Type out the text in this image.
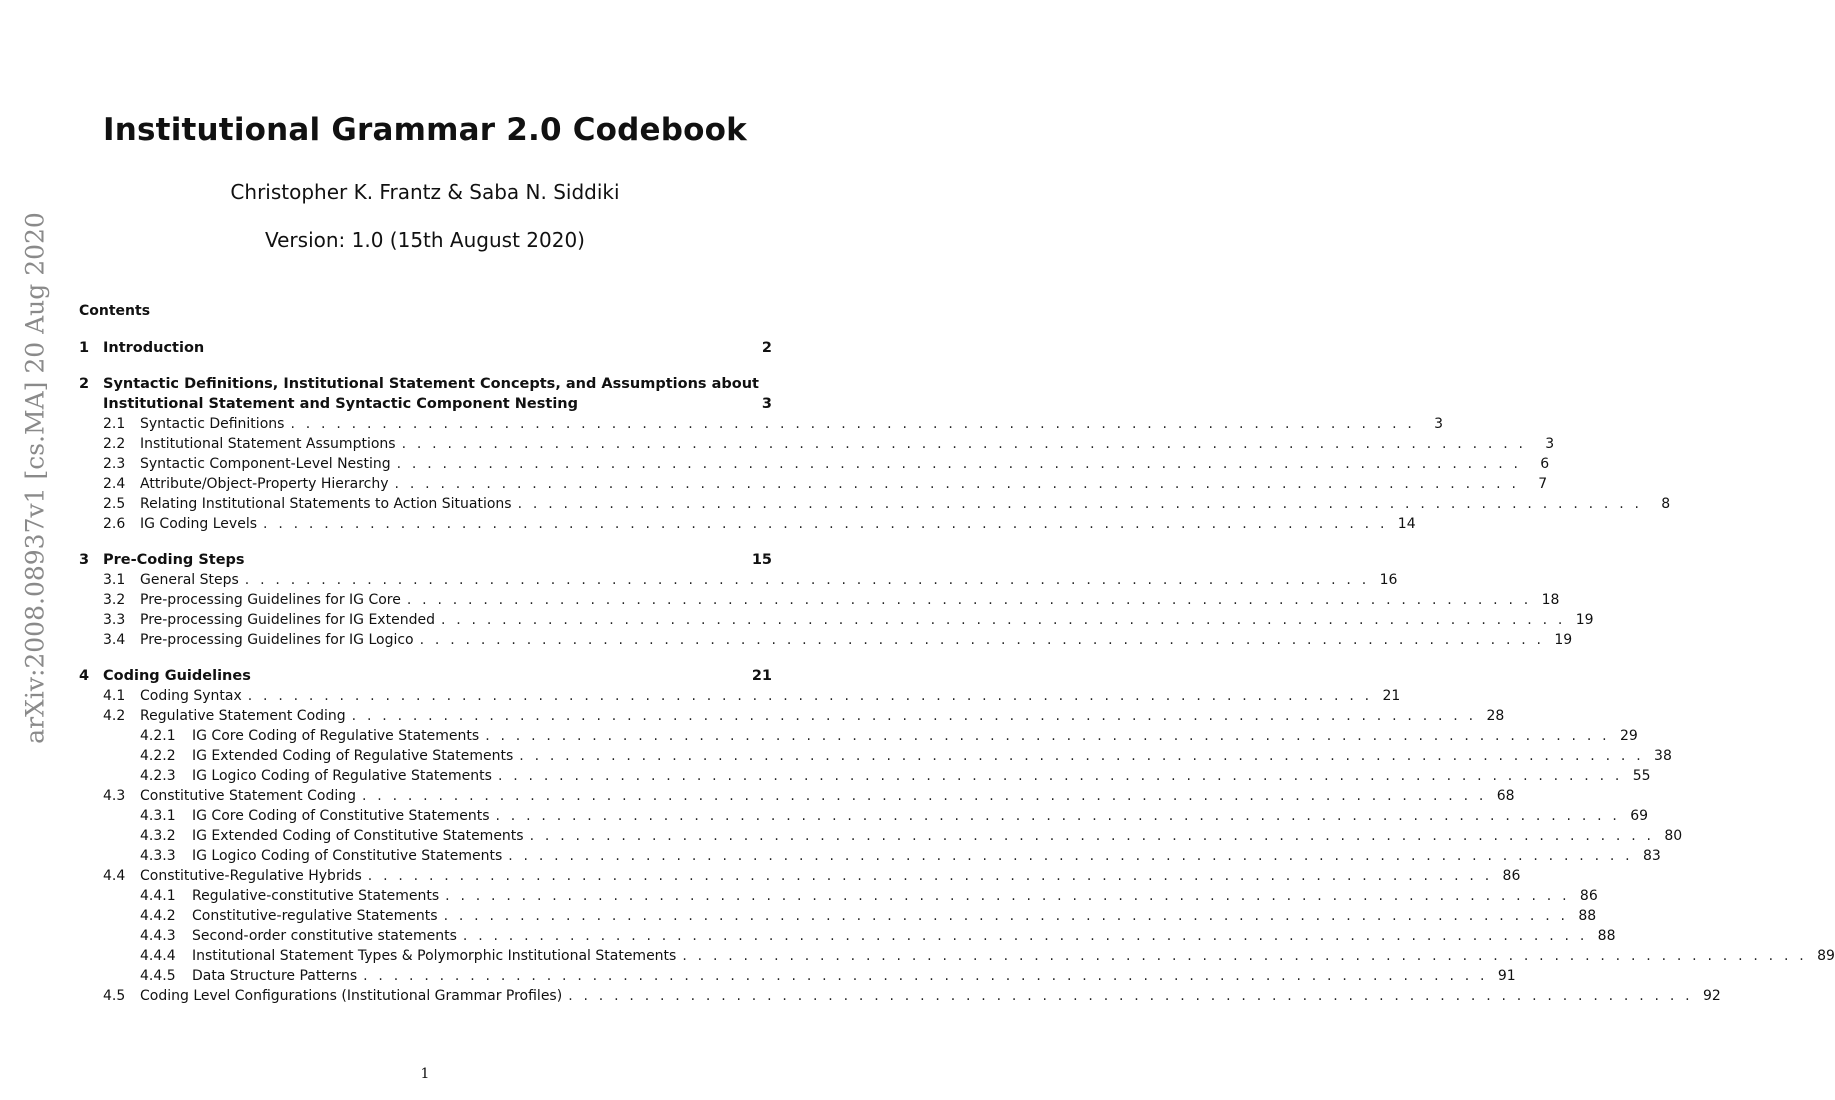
Institutional Grammar 2.0 Codebook
Christopher K. Frantz & Saba N. Siddiki
Version: 1.0 (15th August 2020)
arXiv:2008.08937v1 [cs.MA] 20 Aug 2020 Contents
1 Introduction	2
2 Syntactic Definitions, Institutional Statement Concepts, and Assumptions about
Institutional Statement and Syntactic Component Nesting	3
2.1	Syntactic Definitions . . . . . . . . . . . . . . . . . . . . . . . . . . . . . . . . . . . . . . . . . . . . . . . . . . . . . . . . . . . . . . . . . . . . . . . . . .	3
2.2	Institutional Statement Assumptions . . . . . . . . . . . . . . . . . . . . . . . . . . . . . . . . . . . . . . . . . . . . . . . . . . . . . . . . . . . . . . . . . . . . . . . . . .	3
2.3	Syntactic Component-Level Nesting . . . . . . . . . . . . . . . . . . . . . . . . . . . . . . . . . . . . . . . . . . . . . . . . . . . . . . . . . . . . . . . . . . . . . . . . . .	6
2.4	Attribute/Object-Property Hierarchy . . . . . . . . . . . . . . . . . . . . . . . . . . . . . . . . . . . . . . . . . . . . . . . . . . . . . . . . . . . . . . . . . . . . . . . . . .	7
2.5	Relating Institutional Statements to Action Situations . . . . . . . . . . . . . . . . . . . . . . . . . . . . . . . . . . . . . . . . . . . . . . . . . . . . . . . . . . . . . . . . . . . . . . . . . .	8
2.6	IG Coding Levels . . . . . . . . . . . . . . . . . . . . . . . . . . . . . . . . . . . . . . . . . . . . . . . . . . . . . . . . . . . . . . . . . . . . . . . . . . 14
3 Pre-Coding Steps	15
3.1	General Steps . . . . . . . . . . . . . . . . . . . . . . . . . . . . . . . . . . . . . . . . . . . . . . . . . . . . . . . . . . . . . . . . . . . . . . . . . . 16
3.2	Pre-processing Guidelines for IG Core . . . . . . . . . . . . . . . . . . . . . . . . . . . . . . . . . . . . . . . . . . . . . . . . . . . . . . . . . . . . . . . . . . . . . . . . . . 18
3.3	Pre-processing Guidelines for IG Extended . . . . . . . . . . . . . . . . . . . . . . . . . . . . . . . . . . . . . . . . . . . . . . . . . . . . . . . . . . . . . . . . . . . . . . . . . . 19
3.4	Pre-processing Guidelines for IG Logico . . . . . . . . . . . . . . . . . . . . . . . . . . . . . . . . . . . . . . . . . . . . . . . . . . . . . . . . . . . . . . . . . . . . . . . . . . 19
4 Coding Guidelines	21
4.1	Coding Syntax . . . . . . . . . . . . . . . . . . . . . . . . . . . . . . . . . . . . . . . . . . . . . . . . . . . . . . . . . . . . . . . . . . . . . . . . . . 21
4.2	Regulative Statement Coding . . . . . . . . . . . . . . . . . . . . . . . . . . . . . . . . . . . . . . . . . . . . . . . . . . . . . . . . . . . . . . . . . . . . . . . . . . 28
4.2.1	IG Core Coding of Regulative Statements . . . . . . . . . . . . . . . . . . . . . . . . . . . . . . . . . . . . . . . . . . . . . . . . . . . . . . . . . . . . . . . . . . . . . . . . . . 29
4.2.2	IG Extended Coding of Regulative Statements . . . . . . . . . . . . . . . . . . . . . . . . . . . . . . . . . . . . . . . . . . . . . . . . . . . . . . . . . . . . . . . . . . . . . . . . . . 38
4.2.3	IG Logico Coding of Regulative Statements . . . . . . . . . . . . . . . . . . . . . . . . . . . . . . . . . . . . . . . . . . . . . . . . . . . . . . . . . . . . . . . . . . . . . . . . . . 55
4.3	Constitutive Statement Coding . . . . . . . . . . . . . . . . . . . . . . . . . . . . . . . . . . . . . . . . . . . . . . . . . . . . . . . . . . . . . . . . . . . . . . . . . . 68
4.3.1	IG Core Coding of Constitutive Statements . . . . . . . . . . . . . . . . . . . . . . . . . . . . . . . . . . . . . . . . . . . . . . . . . . . . . . . . . . . . . . . . . . . . . . . . . . 69
4.3.2	IG Extended Coding of Constitutive Statements . . . . . . . . . . . . . . . . . . . . . . . . . . . . . . . . . . . . . . . . . . . . . . . . . . . . . . . . . . . . . . . . . . . . . . . . . . 80
4.3.3	IG Logico Coding of Constitutive Statements . . . . . . . . . . . . . . . . . . . . . . . . . . . . . . . . . . . . . . . . . . . . . . . . . . . . . . . . . . . . . . . . . . . . . . . . . . 83
4.4	Constitutive-Regulative Hybrids . . . . . . . . . . . . . . . . . . . . . . . . . . . . . . . . . . . . . . . . . . . . . . . . . . . . . . . . . . . . . . . . . . . . . . . . . . 86
4.4.1	Regulative-constitutive Statements . . . . . . . . . . . . . . . . . . . . . . . . . . . . . . . . . . . . . . . . . . . . . . . . . . . . . . . . . . . . . . . . . . . . . . . . . . 86
4.4.2	Constitutive-regulative Statements . . . . . . . . . . . . . . . . . . . . . . . . . . . . . . . . . . . . . . . . . . . . . . . . . . . . . . . . . . . . . . . . . . . . . . . . . . 88
4.4.3	Second-order constitutive statements . . . . . . . . . . . . . . . . . . . . . . . . . . . . . . . . . . . . . . . . . . . . . . . . . . . . . . . . . . . . . . . . . . . . . . . . . . 88
4.4.4	Institutional Statement Types & Polymorphic Institutional Statements . . . . . . . . . . . . . . . . . . . . . . . . . . . . . . . . . . . . . . . . . . . . . . . . . . . . . . . . . . . . . . . . . . . . . . . . . . 89
4.4.5	Data Structure Patterns . . . . . . . . . . . . . . . . . . . . . . . . . . . . . . . . . . . . . . . . . . . . . . . . . . . . . . . . . . . . . . . . . . . . . . . . . . 91
4.5	Coding Level Configurations (Institutional Grammar Profiles) . . . . . . . . . . . . . . . . . . . . . . . . . . . . . . . . . . . . . . . . . . . . . . . . . . . . . . . . . . . . . . . . . . . . . . . . . . 92
1
